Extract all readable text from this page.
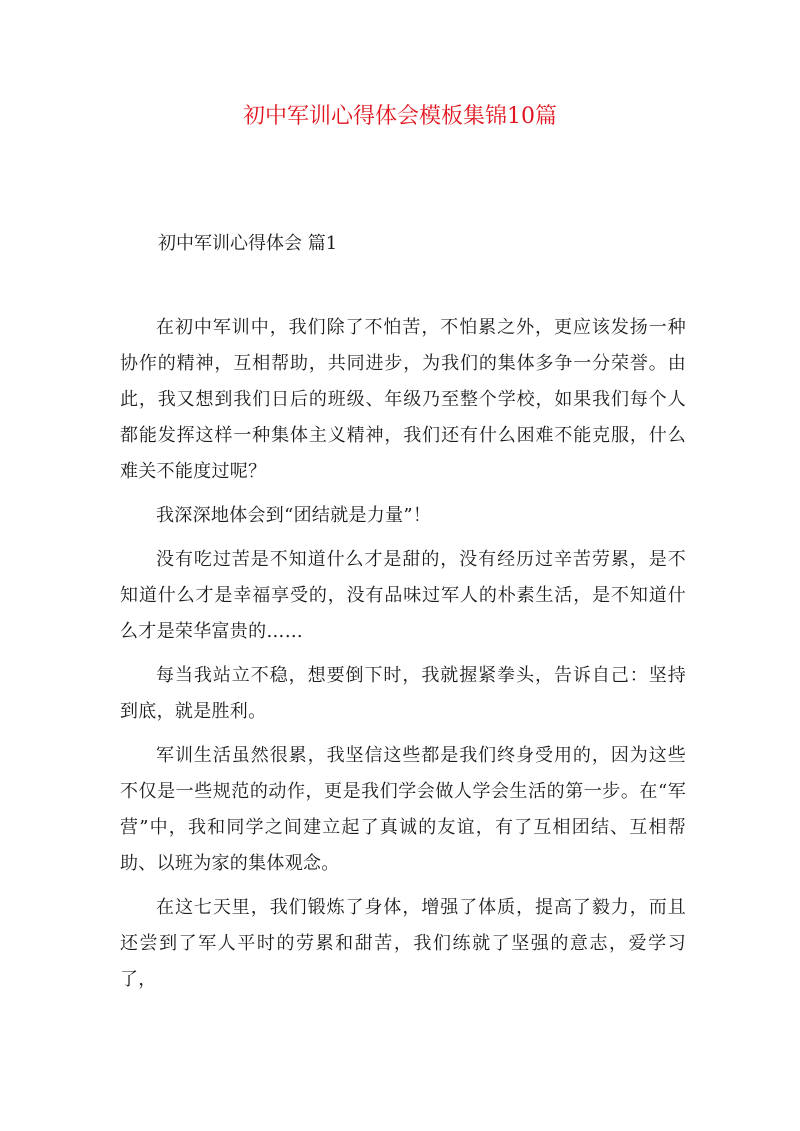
初中军训心得体会模板集锦10篇
初中军训心得体会 篇1

在初中军训中，我们除了不怕苦，不怕累之外，更应该发扬一种协作的精神，互相帮助，共同进步，为我们的集体多争一分荣誉。由此，我又想到我们日后的班级、年级乃至整个学校，如果我们每个人都能发挥这样一种集体主义精神，我们还有什么困难不能克服，什么难关不能度过呢？

我深深地体会到“团结就是力量”！

没有吃过苦是不知道什么才是甜的，没有经历过辛苦劳累，是不知道什么才是幸福享受的，没有品味过军人的朴素生活，是不知道什么才是荣华富贵的……

每当我站立不稳，想要倒下时，我就握紧拳头，告诉自己：坚持到底，就是胜利。

军训生活虽然很累，我坚信这些都是我们终身受用的，因为这些不仅是一些规范的动作，更是我们学会做人学会生活的第一步。在“军营”中，我和同学之间建立起了真诚的友谊，有了互相团结、互相帮助、以班为家的集体观念。

在这七天里，我们锻炼了身体，增强了体质，提高了毅力，而且还尝到了军人平时的劳累和甜苦，我们练就了坚强的意志，爱学习了，
